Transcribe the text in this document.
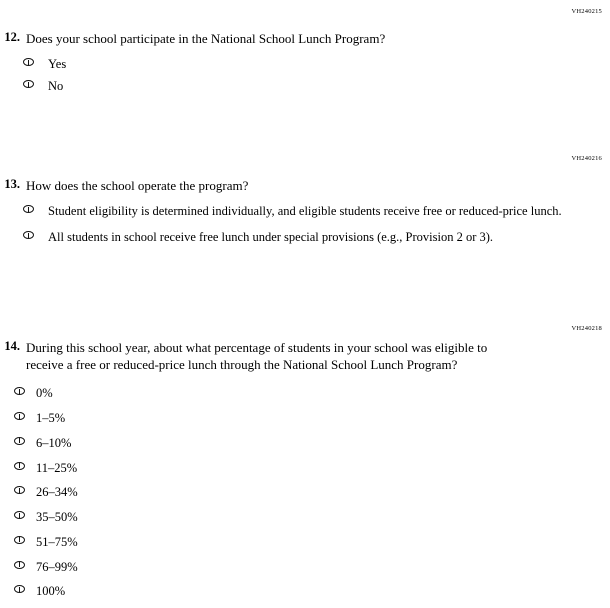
VH240215
12. Does your school participate in the National School Lunch Program?
Yes
No
VH240216
13. How does the school operate the program?
Student eligibility is determined individually, and eligible students receive free or reduced-price lunch.
All students in school receive free lunch under special provisions (e.g., Provision 2 or 3).
VH240218
14. During this school year, about what percentage of students in your school was eligible to receive a free or reduced-price lunch through the National School Lunch Program?
0%
1–5%
6–10%
11–25%
26–34%
35–50%
51–75%
76–99%
100%
